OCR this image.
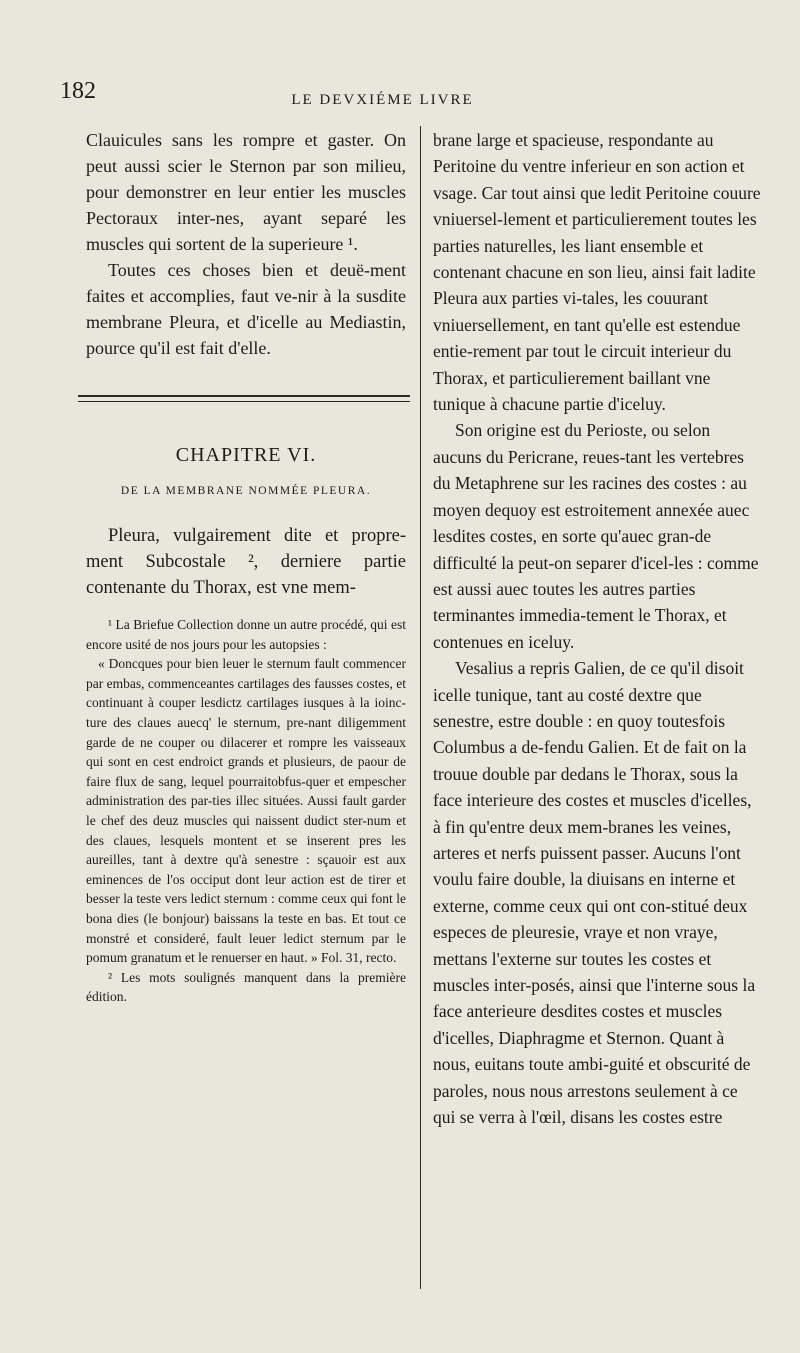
182	LE DEVXIÉME LIVRE

Clauicules sans les rompre et gaster. On peut aussi scier le Sternon par son milieu, pour demonstrer en leur entier les muscles Pectoraux inter-nes, ayant separé les muscles qui sortent de la superieure ¹.

Toutes ces choses bien et deuë-ment faites et accomplies, faut ve-nir à la susdite membrane Pleura, et d'icelle au Mediastin, pource qu'il est fait d'elle.

CHAPITRE VI.

DE LA MEMBRANE NOMMÉE PLEURA.

Pleura, vulgairement dite et propre-ment Subcostale ², derniere partie contenante du Thorax, est vne mem-

¹ La Briefue Collection donne un autre procédé, qui est encore usité de nos jours pour les autopsies :

« Doncques pour bien leuer le sternum fault commencer par embas, commenceantes cartilages des fausses costes, et continuant à couper lesdictz cartilages iusques à la ioinc-ture des claues auecq' le sternum, pre-nant diligemment garde de ne couper ou dilacerer et rompre les vaisseaux qui sont en cest endroict grands et plusieurs, de paour de faire flux de sang, lequel pourraitobfus-quer et empescher administration des par-ties illec situées. Aussi fault garder le chef des deuz muscles qui naissent dudict ster-num et des claues, lesquels montent et se inserent pres les aureilles, tant à dextre qu'à senestre : sçauoir est aux eminences de l'os occiput dont leur action est de tirer et besser la teste vers ledict sternum : comme ceux qui font le bona dies (le bonjour) baissans la teste en bas. Et tout ce monstré et consideré, fault leuer ledict sternum par le pomum granatum et le renuerser en haut. » Fol. 31, recto.

² Les mots soulignés manquent dans la première édition.

brane large et spacieuse, respondante au Peritoine du ventre inferieur en son action et vsage. Car tout ainsi que ledit Peritoine couure vniuersel-lement et particulierement toutes les parties naturelles, les liant ensemble et contenant chacune en son lieu, ainsi fait ladite Pleura aux parties vi-tales, les couurant vniuersellement, en tant qu'elle est estendue entie-rement par tout le circuit interieur du Thorax, et particulierement baillant vne tunique à chacune partie d'iceluy.

Son origine est du Perioste, ou selon aucuns du Pericrane, reues-tant les vertebres du Metaphrene sur les racines des costes : au moyen dequoy est estroitement annexée auec lesdites costes, en sorte qu'auec gran-de difficulté la peut-on separer d'icel-les : comme est aussi auec toutes les autres parties terminantes immedia-tement le Thorax, et contenues en iceluy.

Vesalius a repris Galien, de ce qu'il disoit icelle tunique, tant au costé dextre que senestre, estre double : en quoy toutesfois Columbus a de-fendu Galien. Et de fait on la trouue double par dedans le Thorax, sous la face interieure des costes et muscles d'icelles, à fin qu'entre deux mem-branes les veines, arteres et nerfs puissent passer. Aucuns l'ont voulu faire double, la diuisans en interne et externe, comme ceux qui ont con-stitué deux especes de pleuresie, vraye et non vraye, mettans l'externe sur toutes les costes et muscles inter-posés, ainsi que l'interne sous la face anterieure desdites costes et muscles d'icelles, Diaphragme et Sternon. Quant à nous, euitans toute ambi-guité et obscurité de paroles, nous nous arrestons seulement à ce qui se verra à l'œil, disans les costes estre
